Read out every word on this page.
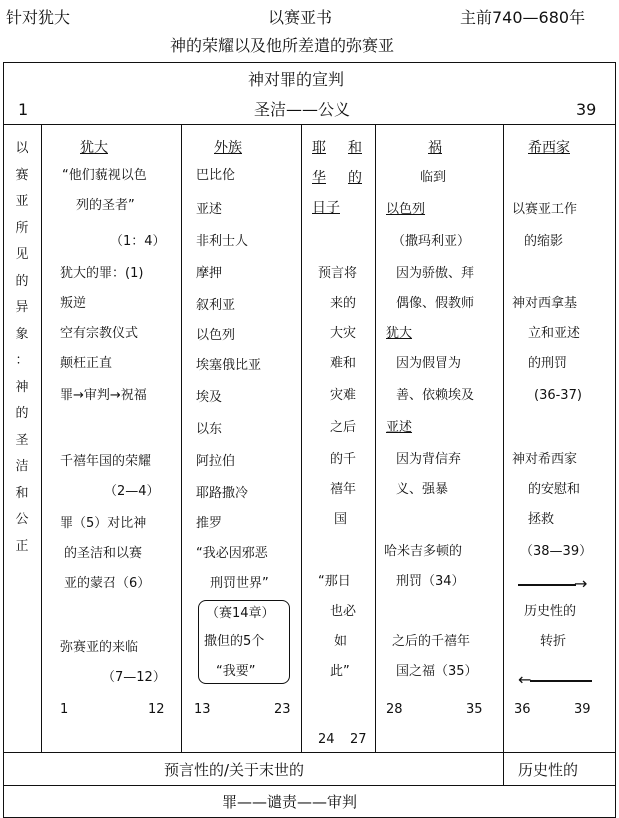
针对犹大	以赛亚书	主前740—680年
神的荣耀以及他所差遣的弥赛亚
神对罪的宣判
1	圣洁——公义	39
以
赛
亚
所
见
的
异
象
：
神
的
圣
洁
和
公
正
犹大
“他们藐视以色
列的圣者”
（1：4）
犹大的罪：(1)
叛逆
空有宗教仪式
颠枉正直
罪→审判→祝福
千禧年国的荣耀
（2—4）
罪（5）对比神
的圣洁和以赛
亚的蒙召（6）
弥赛亚的来临
（7—12）
1	12
外族
巴比伦
亚述
非利士人
摩押
叙利亚
以色列
埃塞俄比亚
埃及
以东
阿拉伯
耶路撒冷
推罗
“我必因邪恶
刑罚世界”
（赛14章）
撒但的5个
“我要”
13	23
耶 和
华 的
日子
预言将
来的
大灾
难和
灾难
之后
的千
禧年
国
“那日
也必
如
此”
24 27
祸
临到
以色列
（撒玛利亚）
因为骄傲、拜
偶像、假教师
犹大
因为假冒为
善、依赖埃及
亚述
因为背信弃
义、强暴
哈米吉多顿的
刑罚（34）
之后的千禧年
国之福（35）
28	35
希西家
以赛亚工作
的缩影
神对西拿基
立和亚述
的刑罚
(36-37)
神对希西家
的安慰和
拯救
（38—39）
→
历史性的
转折
←
36	39
预言性的/关于末世的	历史性的
罪——谴责——审判
